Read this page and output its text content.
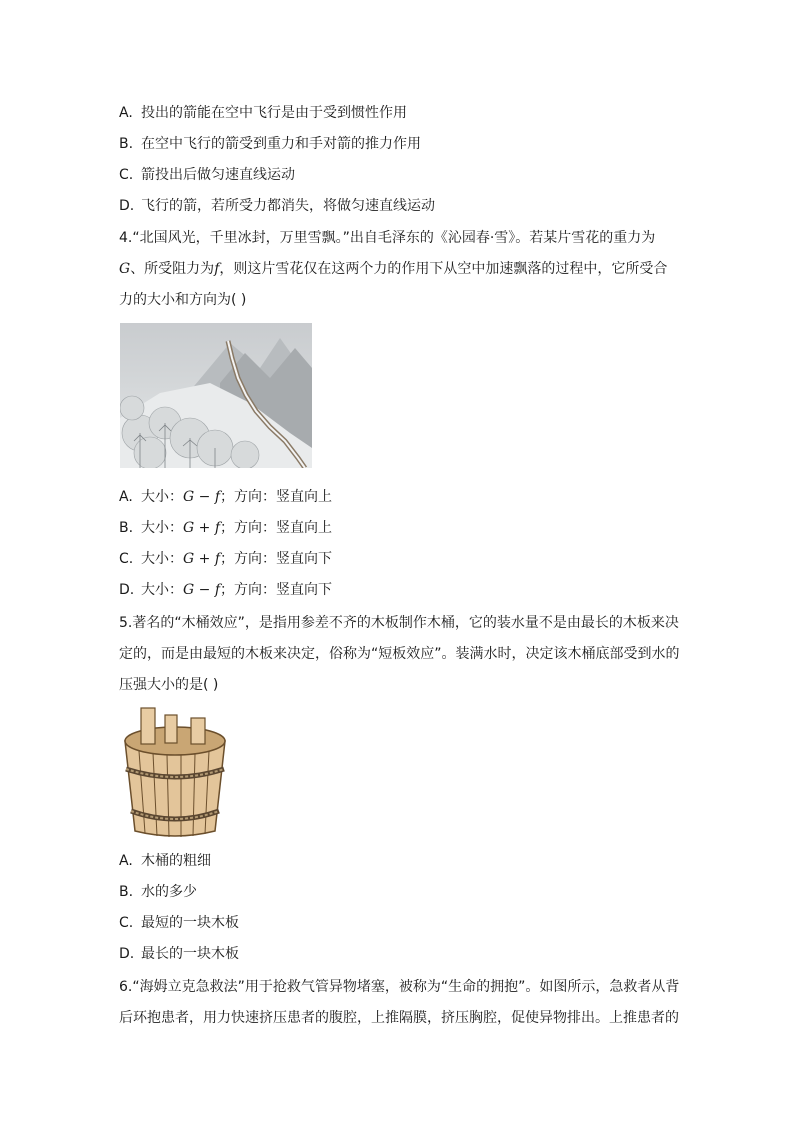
A. 投出的箭能在空中飞行是由于受到惯性作用
B. 在空中飞行的箭受到重力和手对箭的推力作用
C. 箭投出后做匀速直线运动
D. 飞行的箭，若所受力都消失，将做匀速直线运动
4.“北国风光，千里冰封，万里雪飘。”出自毛泽东的《沁园春·雪》。若某片雪花的重力为
G、所受阻力为f，则这片雪花仅在这两个力的作用下从空中加速飘落的过程中，它所受合
力的大小和方向为( )
A. 大小：G − f；方向：竖直向上
B. 大小：G + f；方向：竖直向上
C. 大小：G + f；方向：竖直向下
D. 大小：G − f；方向：竖直向下
5.著名的“木桶效应”，是指用参差不齐的木板制作木桶，它的装水量不是由最长的木板来决
定的，而是由最短的木板来决定，俗称为“短板效应”。装满水时，决定该木桶底部受到水的
压强大小的是( )
A. 木桶的粗细
B. 水的多少
C. 最短的一块木板
D. 最长的一块木板
6.“海姆立克急救法”用于抢救气管异物堵塞，被称为“生命的拥抱”。如图所示，急救者从背
后环抱患者，用力快速挤压患者的腹腔，上推隔膜，挤压胸腔，促使异物排出。上推患者的
